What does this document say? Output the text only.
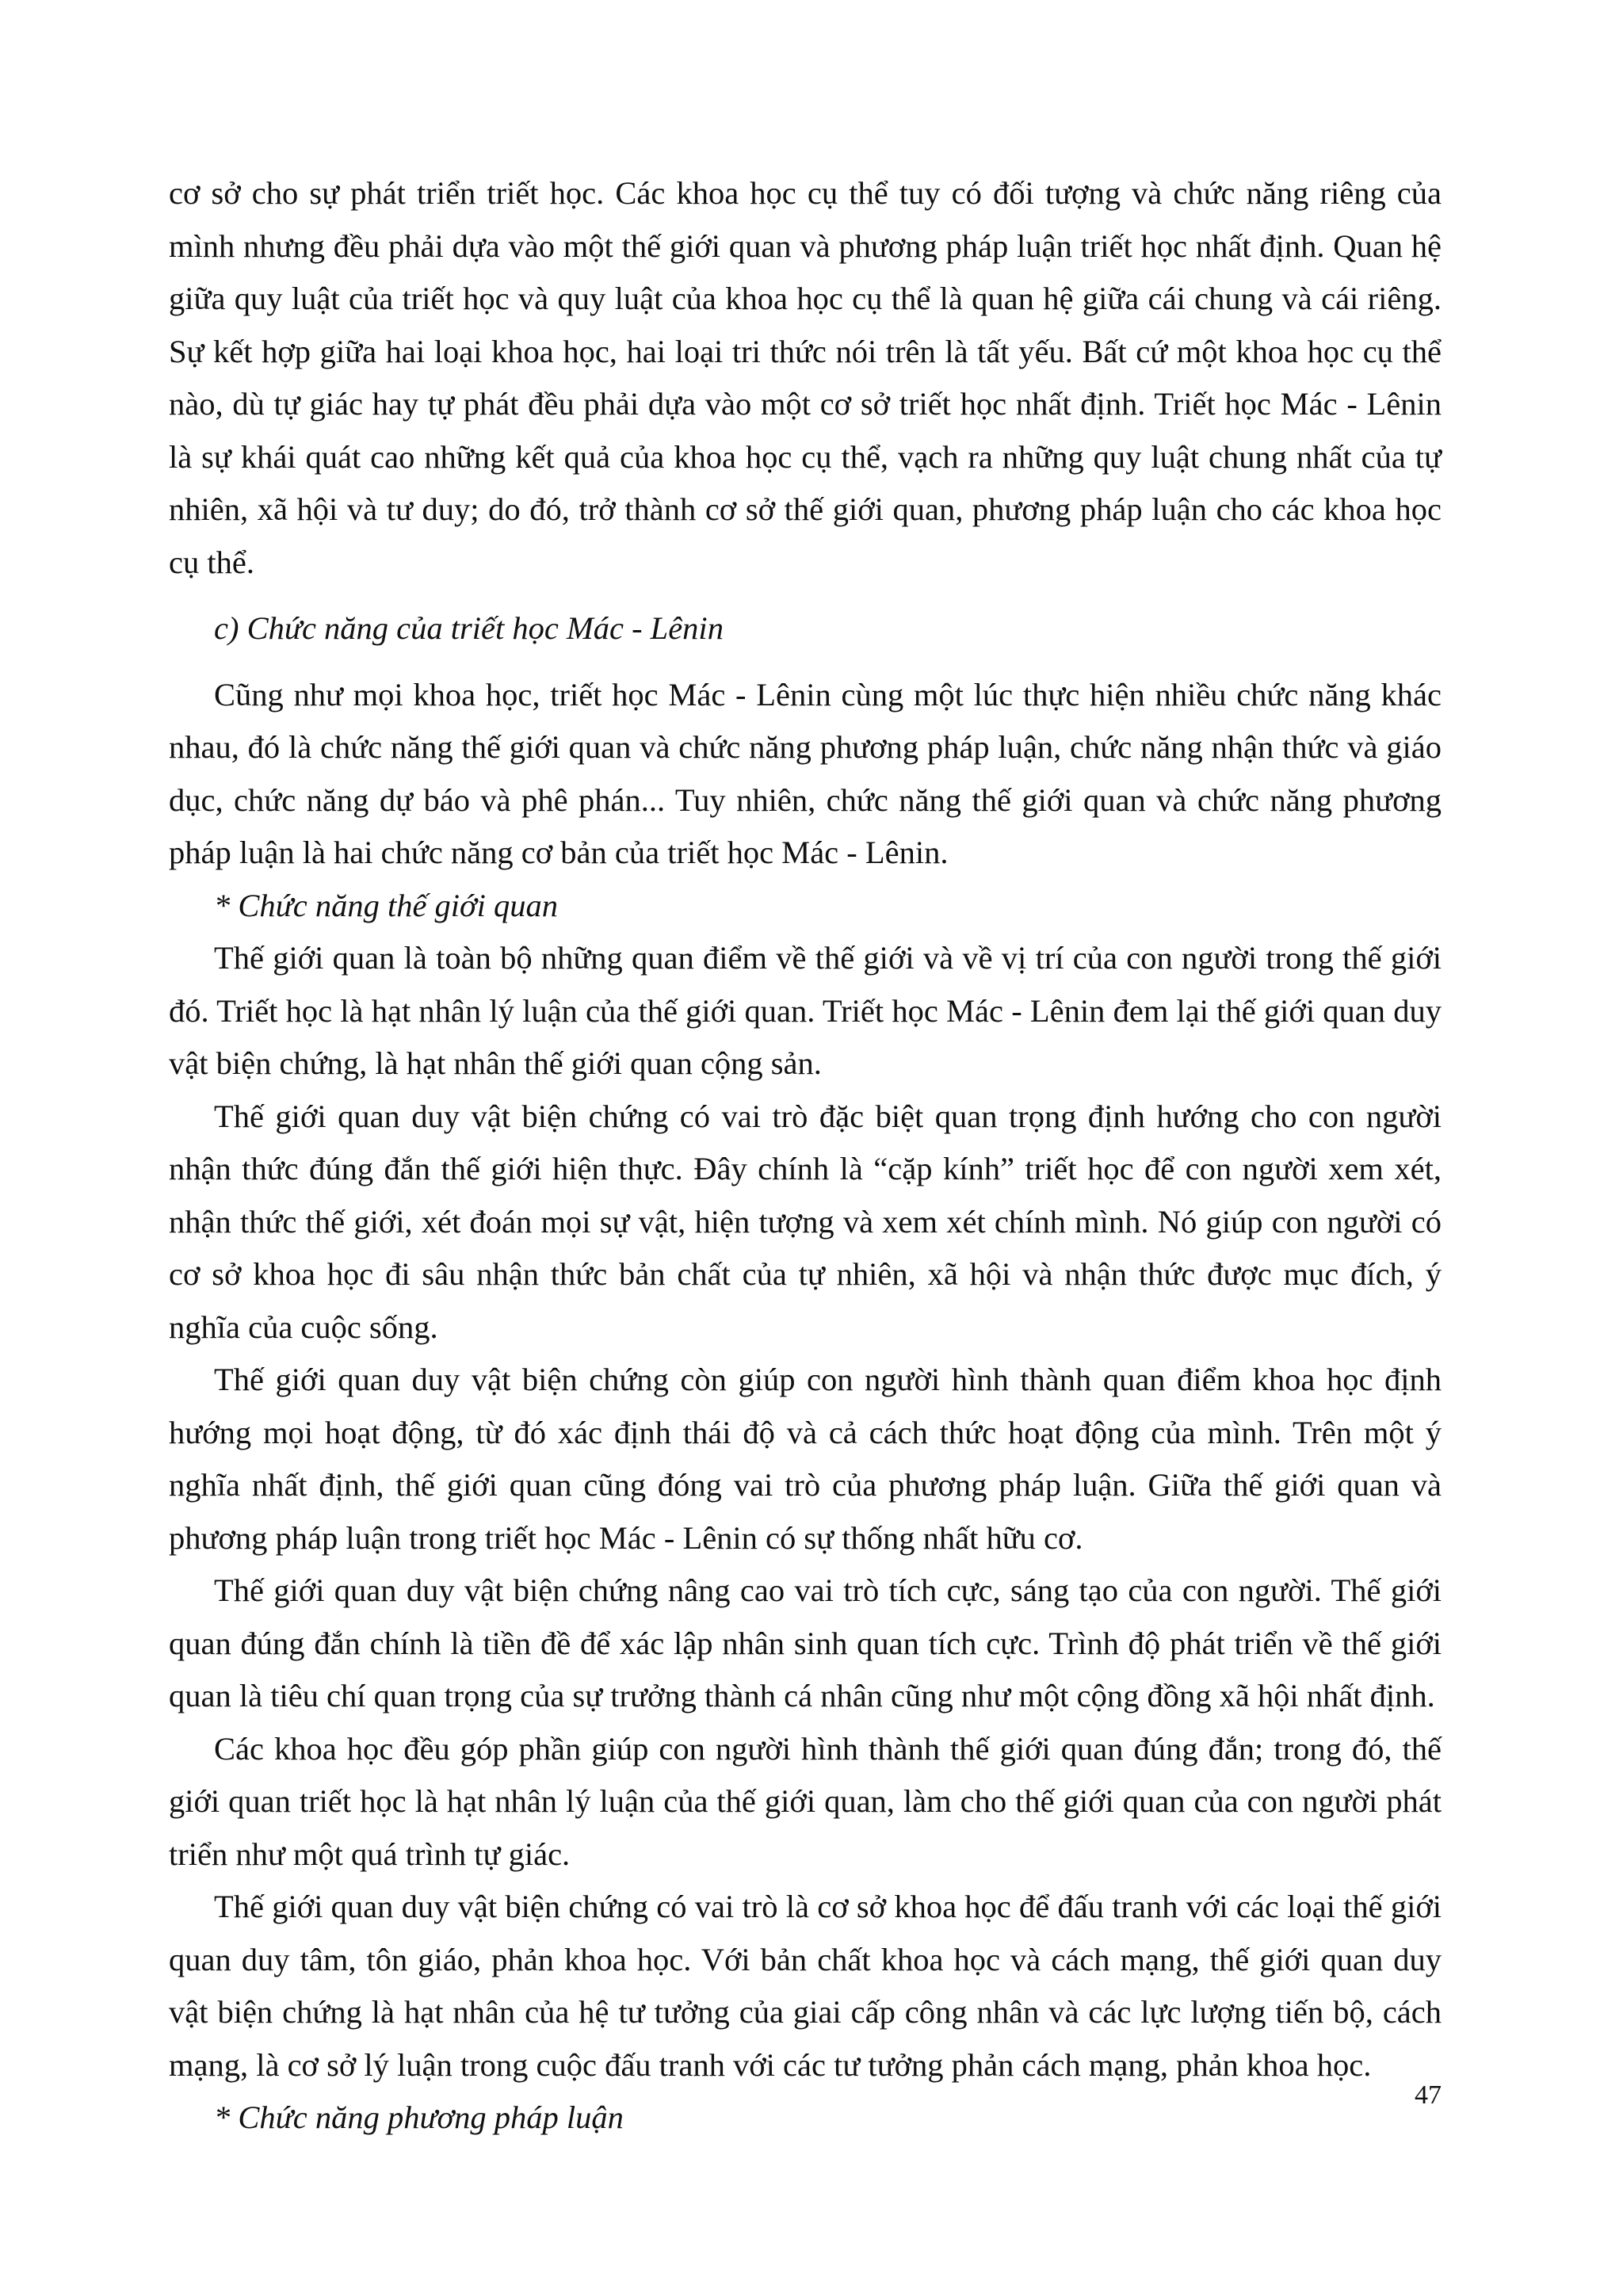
cơ sở cho sự phát triển triết học. Các khoa học cụ thể tuy có đối tượng và chức năng riêng của mình nhưng đều phải dựa vào một thế giới quan và phương pháp luận triết học nhất định. Quan hệ giữa quy luật của triết học và quy luật của khoa học cụ thể là quan hệ giữa cái chung và cái riêng. Sự kết hợp giữa hai loại khoa học, hai loại tri thức nói trên là tất yếu. Bất cứ một khoa học cụ thể nào, dù tự giác hay tự phát đều phải dựa vào một cơ sở triết học nhất định. Triết học Mác - Lênin là sự khái quát cao những kết quả của khoa học cụ thể, vạch ra những quy luật chung nhất của tự nhiên, xã hội và tư duy; do đó, trở thành cơ sở thế giới quan, phương pháp luận cho các khoa học cụ thể.

c) Chức năng của triết học Mác - Lênin

Cũng như mọi khoa học, triết học Mác - Lênin cùng một lúc thực hiện nhiều chức năng khác nhau, đó là chức năng thế giới quan và chức năng phương pháp luận, chức năng nhận thức và giáo dục, chức năng dự báo và phê phán... Tuy nhiên, chức năng thế giới quan và chức năng phương pháp luận là hai chức năng cơ bản của triết học Mác - Lênin.

* Chức năng thế giới quan

Thế giới quan là toàn bộ những quan điểm về thế giới và về vị trí của con người trong thế giới đó. Triết học là hạt nhân lý luận của thế giới quan. Triết học Mác - Lênin đem lại thế giới quan duy vật biện chứng, là hạt nhân thế giới quan cộng sản.

Thế giới quan duy vật biện chứng có vai trò đặc biệt quan trọng định hướng cho con người nhận thức đúng đắn thế giới hiện thực. Đây chính là “cặp kính” triết học để con người xem xét, nhận thức thế giới, xét đoán mọi sự vật, hiện tượng và xem xét chính mình. Nó giúp con người có cơ sở khoa học đi sâu nhận thức bản chất của tự nhiên, xã hội và nhận thức được mục đích, ý nghĩa của cuộc sống.

Thế giới quan duy vật biện chứng còn giúp con người hình thành quan điểm khoa học định hướng mọi hoạt động, từ đó xác định thái độ và cả cách thức hoạt động của mình. Trên một ý nghĩa nhất định, thế giới quan cũng đóng vai trò của phương pháp luận. Giữa thế giới quan và phương pháp luận trong triết học Mác - Lênin có sự thống nhất hữu cơ.

Thế giới quan duy vật biện chứng nâng cao vai trò tích cực, sáng tạo của con người. Thế giới quan đúng đắn chính là tiền đề để xác lập nhân sinh quan tích cực. Trình độ phát triển về thế giới quan là tiêu chí quan trọng của sự trưởng thành cá nhân cũng như một cộng đồng xã hội nhất định.

Các khoa học đều góp phần giúp con người hình thành thế giới quan đúng đắn; trong đó, thế giới quan triết học là hạt nhân lý luận của thế giới quan, làm cho thế giới quan của con người phát triển như một quá trình tự giác.

Thế giới quan duy vật biện chứng có vai trò là cơ sở khoa học để đấu tranh với các loại thế giới quan duy tâm, tôn giáo, phản khoa học. Với bản chất khoa học và cách mạng, thế giới quan duy vật biện chứng là hạt nhân của hệ tư tưởng của giai cấp công nhân và các lực lượng tiến bộ, cách mạng, là cơ sở lý luận trong cuộc đấu tranh với các tư tưởng phản cách mạng, phản khoa học.

* Chức năng phương pháp luận

47
